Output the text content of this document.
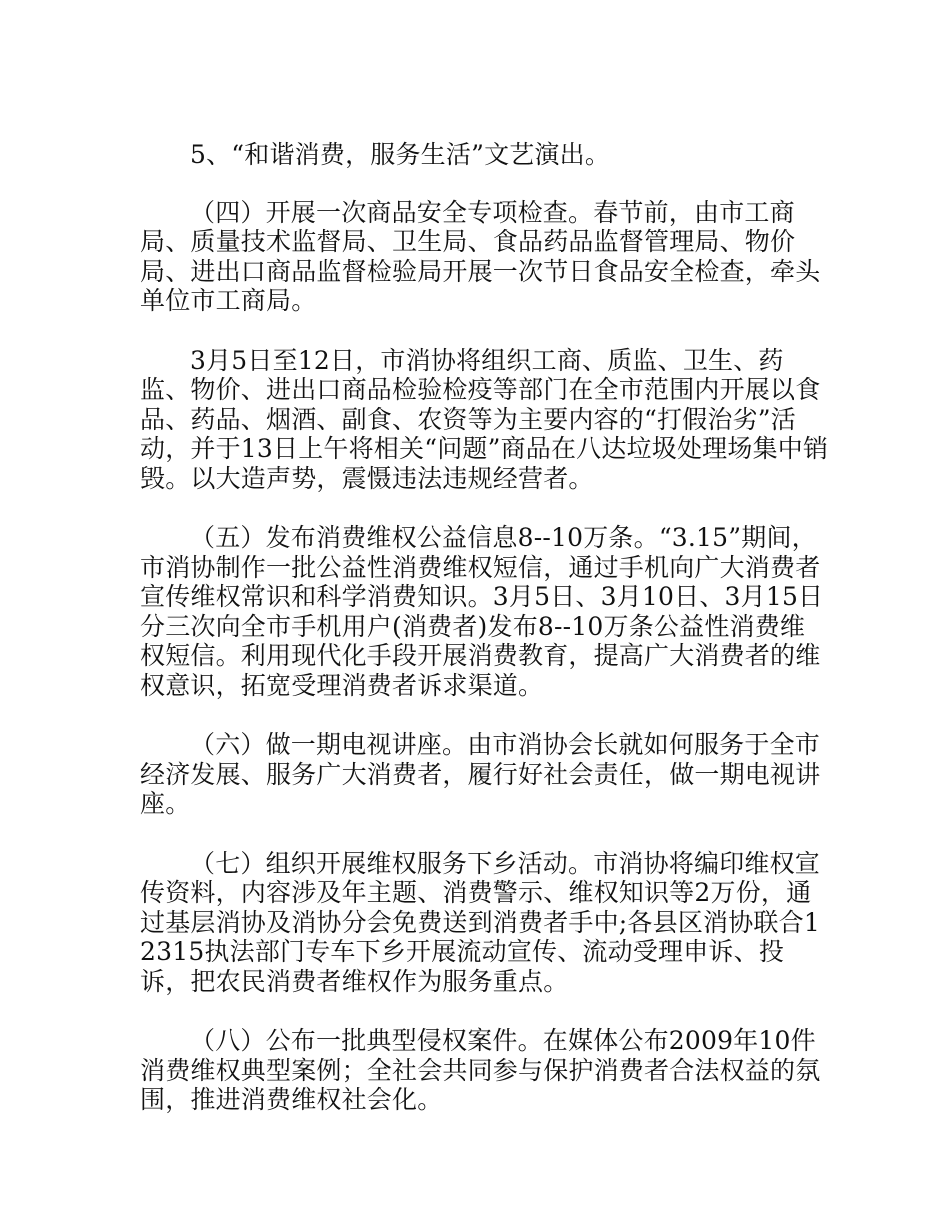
5、“和谐消费，服务生活”文艺演出。

（四）开展一次商品安全专项检查。春节前，由市工商局、质量技术监督局、卫生局、食品药品监督管理局、物价局、进出口商品监督检验局开展一次节日食品安全检查，牵头单位市工商局。

3月5日至12日，市消协将组织工商、质监、卫生、药监、物价、进出口商品检验检疫等部门在全市范围内开展以食品、药品、烟酒、副食、农资等为主要内容的“打假治劣”活动，并于13日上午将相关“问题”商品在八达垃圾处理场集中销毁。以大造声势，震慑违法违规经营者。

（五）发布消费维权公益信息8--10万条。“3.15”期间，市消协制作一批公益性消费维权短信，通过手机向广大消费者宣传维权常识和科学消费知识。3月5日、3月10日、3月15日分三次向全市手机用户(消费者)发布8--10万条公益性消费维权短信。利用现代化手段开展消费教育，提高广大消费者的维权意识，拓宽受理消费者诉求渠道。

（六）做一期电视讲座。由市消协会长就如何服务于全市经济发展、服务广大消费者，履行好社会责任，做一期电视讲座。

（七）组织开展维权服务下乡活动。市消协将编印维权宣传资料，内容涉及年主题、消费警示、维权知识等2万份，通过基层消协及消协分会免费送到消费者手中;各县区消协联合12315执法部门专车下乡开展流动宣传、流动受理申诉、投诉，把农民消费者维权作为服务重点。

（八）公布一批典型侵权案件。在媒体公布2009年10件消费维权典型案例；全社会共同参与保护消费者合法权益的氛围，推进消费维权社会化。
